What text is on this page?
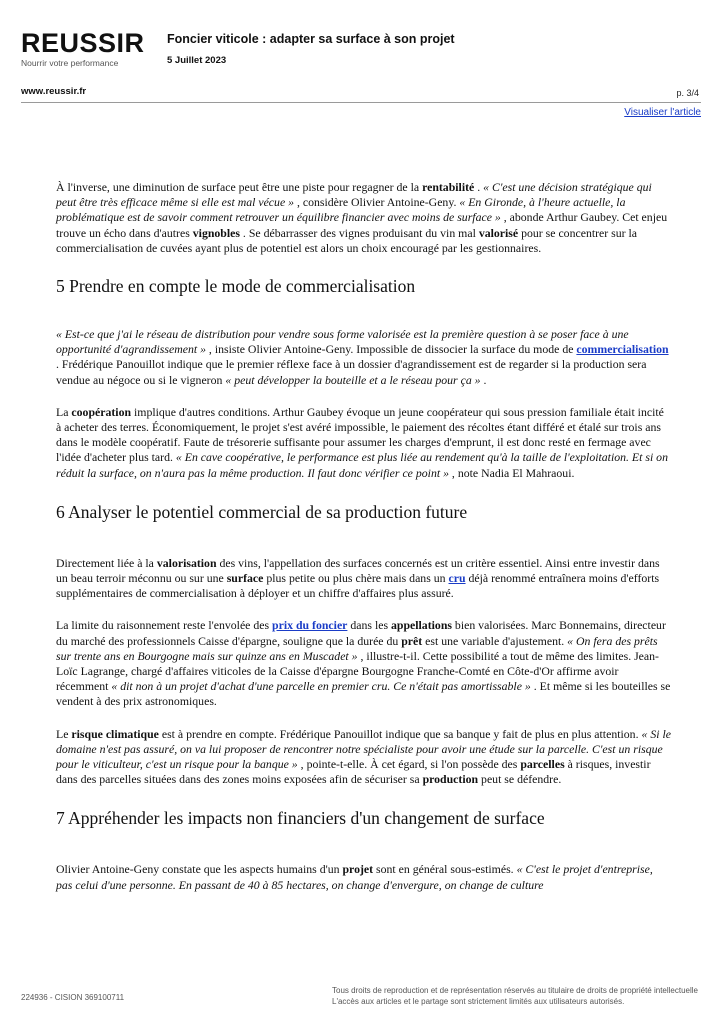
REUSSIR
Nourrir votre performance
Foncier viticole : adapter sa surface à son projet
5 Juillet 2023
www.reussir.fr	p. 3/4
Visualiser l'article

À l'inverse, une diminution de surface peut être une piste pour regagner de la rentabilité . « C'est une décision stratégique qui peut être très efficace même si elle est mal vécue » , considère Olivier Antoine-Geny. « En Gironde, à l'heure actuelle, la problématique est de savoir comment retrouver un équilibre financier avec moins de surface » , abonde Arthur Gaubey. Cet enjeu trouve un écho dans d'autres vignobles . Se débarrasser des vignes produisant du vin mal valorisé pour se concentrer sur la commercialisation de cuvées ayant plus de potentiel est alors un choix encouragé par les gestionnaires.

5 Prendre en compte le mode de commercialisation

« Est-ce que j'ai le réseau de distribution pour vendre sous forme valorisée est la première question à se poser face à une opportunité d'agrandissement » , insiste Olivier Antoine-Geny. Impossible de dissocier la surface du mode de commercialisation . Frédérique Panouillot indique que le premier réflexe face à un dossier d'agrandissement est de regarder si la production sera vendue au négoce ou si le vigneron « peut développer la bouteille et a le réseau pour ça » .

La coopération implique d'autres conditions. Arthur Gaubey évoque un jeune coopérateur qui sous pression familiale était incité à acheter des terres. Économiquement, le projet s'est avéré impossible, le paiement des récoltes étant différé et étalé sur trois ans dans le modèle coopératif. Faute de trésorerie suffisante pour assumer les charges d'emprunt, il est donc resté en fermage avec l'idée d'acheter plus tard. « En cave coopérative, le performance est plus liée au rendement qu'à la taille de l'exploitation. Et si on réduit la surface, on n'aura pas la même production. Il faut donc vérifier ce point » , note Nadia El Mahraoui.

6 Analyser le potentiel commercial de sa production future

Directement liée à la valorisation des vins, l'appellation des surfaces concernés est un critère essentiel. Ainsi entre investir dans un beau terroir méconnu ou sur une surface plus petite ou plus chère mais dans un cru déjà renommé entraînera moins d'efforts supplémentaires de commercialisation à déployer et un chiffre d'affaires plus assuré.

La limite du raisonnement reste l'envolée des prix du foncier dans les appellations bien valorisées. Marc Bonnemains, directeur du marché des professionnels Caisse d'épargne, souligne que la durée du prêt est une variable d'ajustement. « On fera des prêts sur trente ans en Bourgogne mais sur quinze ans en Muscadet » , illustre-t-il. Cette possibilité a tout de même des limites. Jean-Loïc Lagrange, chargé d'affaires viticoles de la Caisse d'épargne Bourgogne Franche-Comté en Côte-d'Or affirme avoir récemment « dit non à un projet d'achat d'une parcelle en premier cru. Ce n'était pas amortissable » . Et même si les bouteilles se vendent à des prix astronomiques.

Le risque climatique est à prendre en compte. Frédérique Panouillot indique que sa banque y fait de plus en plus attention. « Si le domaine n'est pas assuré, on va lui proposer de rencontrer notre spécialiste pour avoir une étude sur la parcelle. C'est un risque pour le viticulteur, c'est un risque pour la banque » , pointe-t-elle. À cet égard, si l'on possède des parcelles à risques, investir dans des parcelles situées dans des zones moins exposées afin de sécuriser sa production peut se défendre.

7 Appréhender les impacts non financiers d'un changement de surface

Olivier Antoine-Geny constate que les aspects humains d'un projet sont en général sous-estimés. « C'est le projet d'entreprise, pas celui d'une personne. En passant de 40 à 85 hectares, on change d'envergure, on change de culture

224936 - CISION 369100711
Tous droits de reproduction et de représentation réservés au titulaire de droits de propriété intellectuelle
L'accès aux articles et le partage sont strictement limités aux utilisateurs autorisés.
